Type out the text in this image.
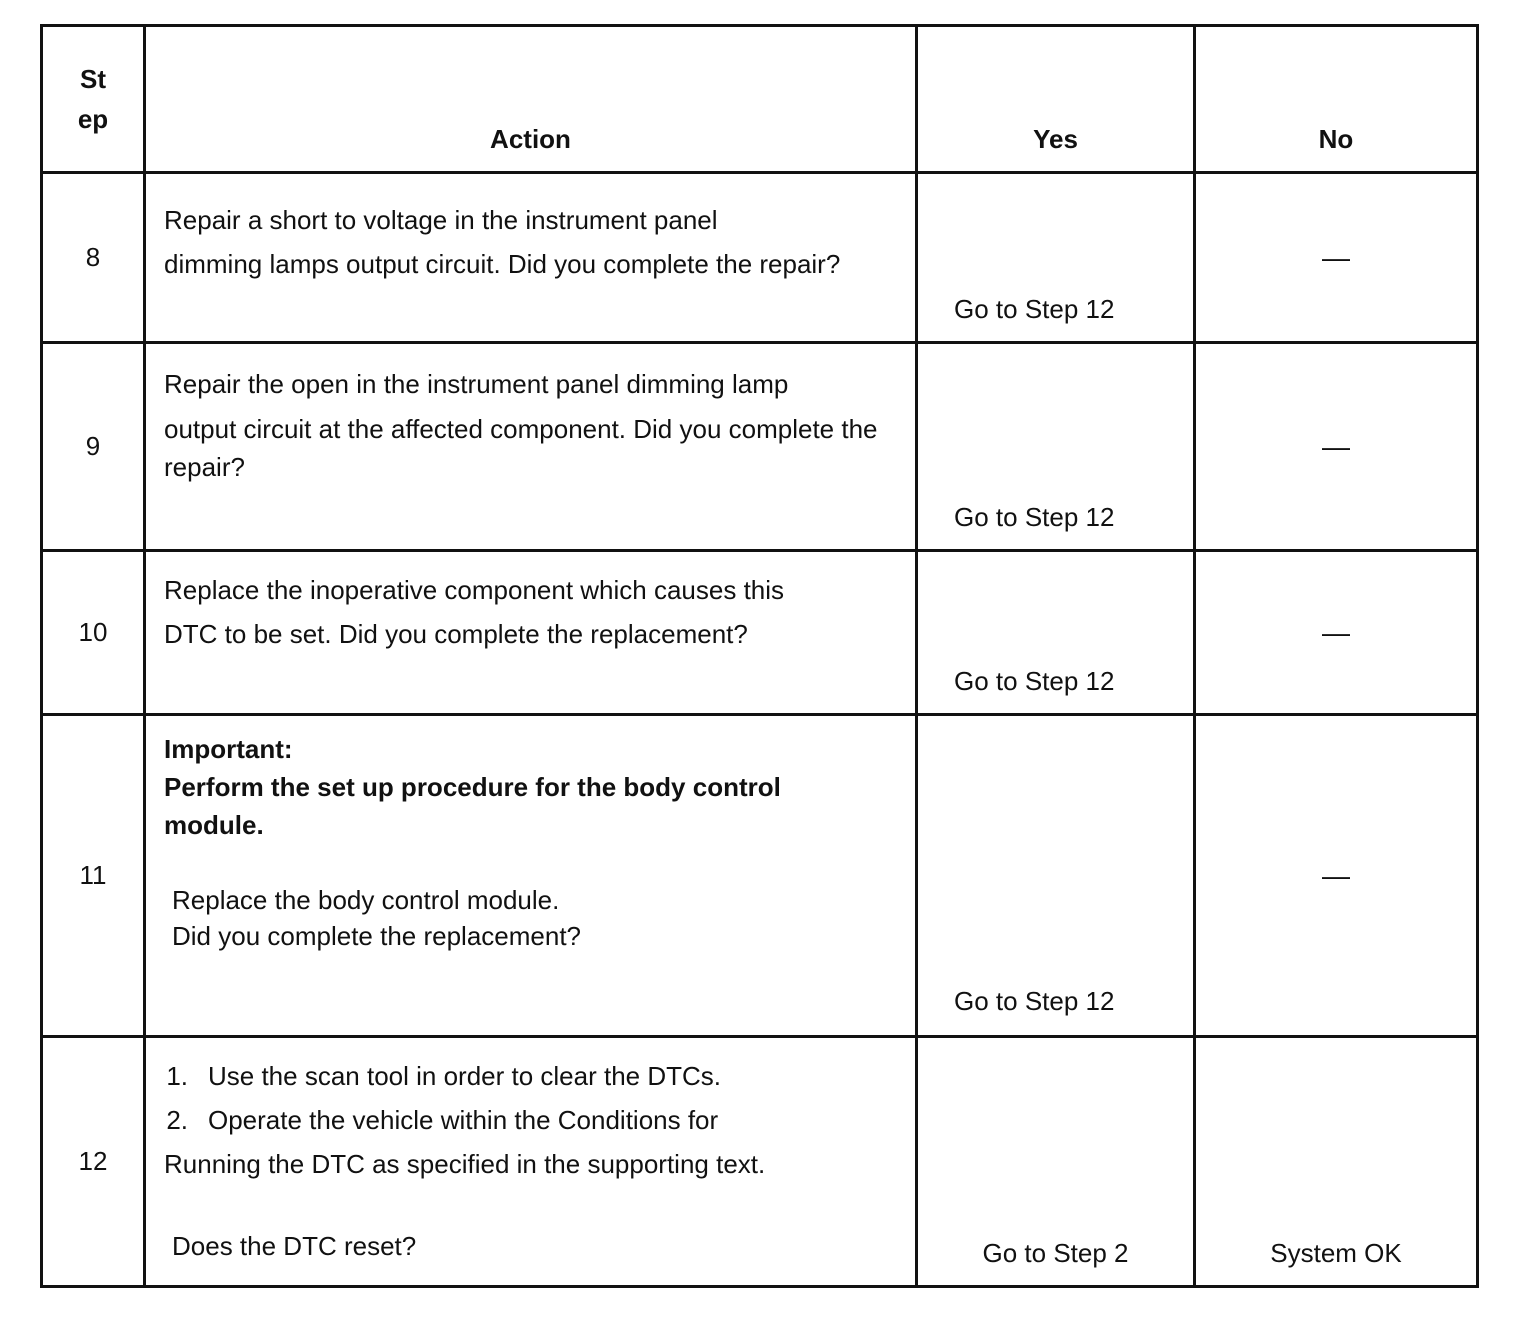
St
ep	Action	Yes	No
8	Repair a short to voltage in the instrument panel
dimming lamps output circuit. Did you complete the repair?	Go to Step 12	—
9	Repair the open in the instrument panel dimming lamp
output circuit at the affected component. Did you complete the
repair?	Go to Step 12	—
10	Replace the inoperative component which causes this
DTC to be set. Did you complete the replacement?	Go to Step 12	—
11	Important:
Perform the set up procedure for the body control
module.
Replace the body control module.
Did you complete the replacement?	Go to Step 12	—
12	1. Use the scan tool in order to clear the DTCs.
2. Operate the vehicle within the Conditions for
Running the DTC as specified in the supporting text.
Does the DTC reset?	Go to Step 2	System OK
